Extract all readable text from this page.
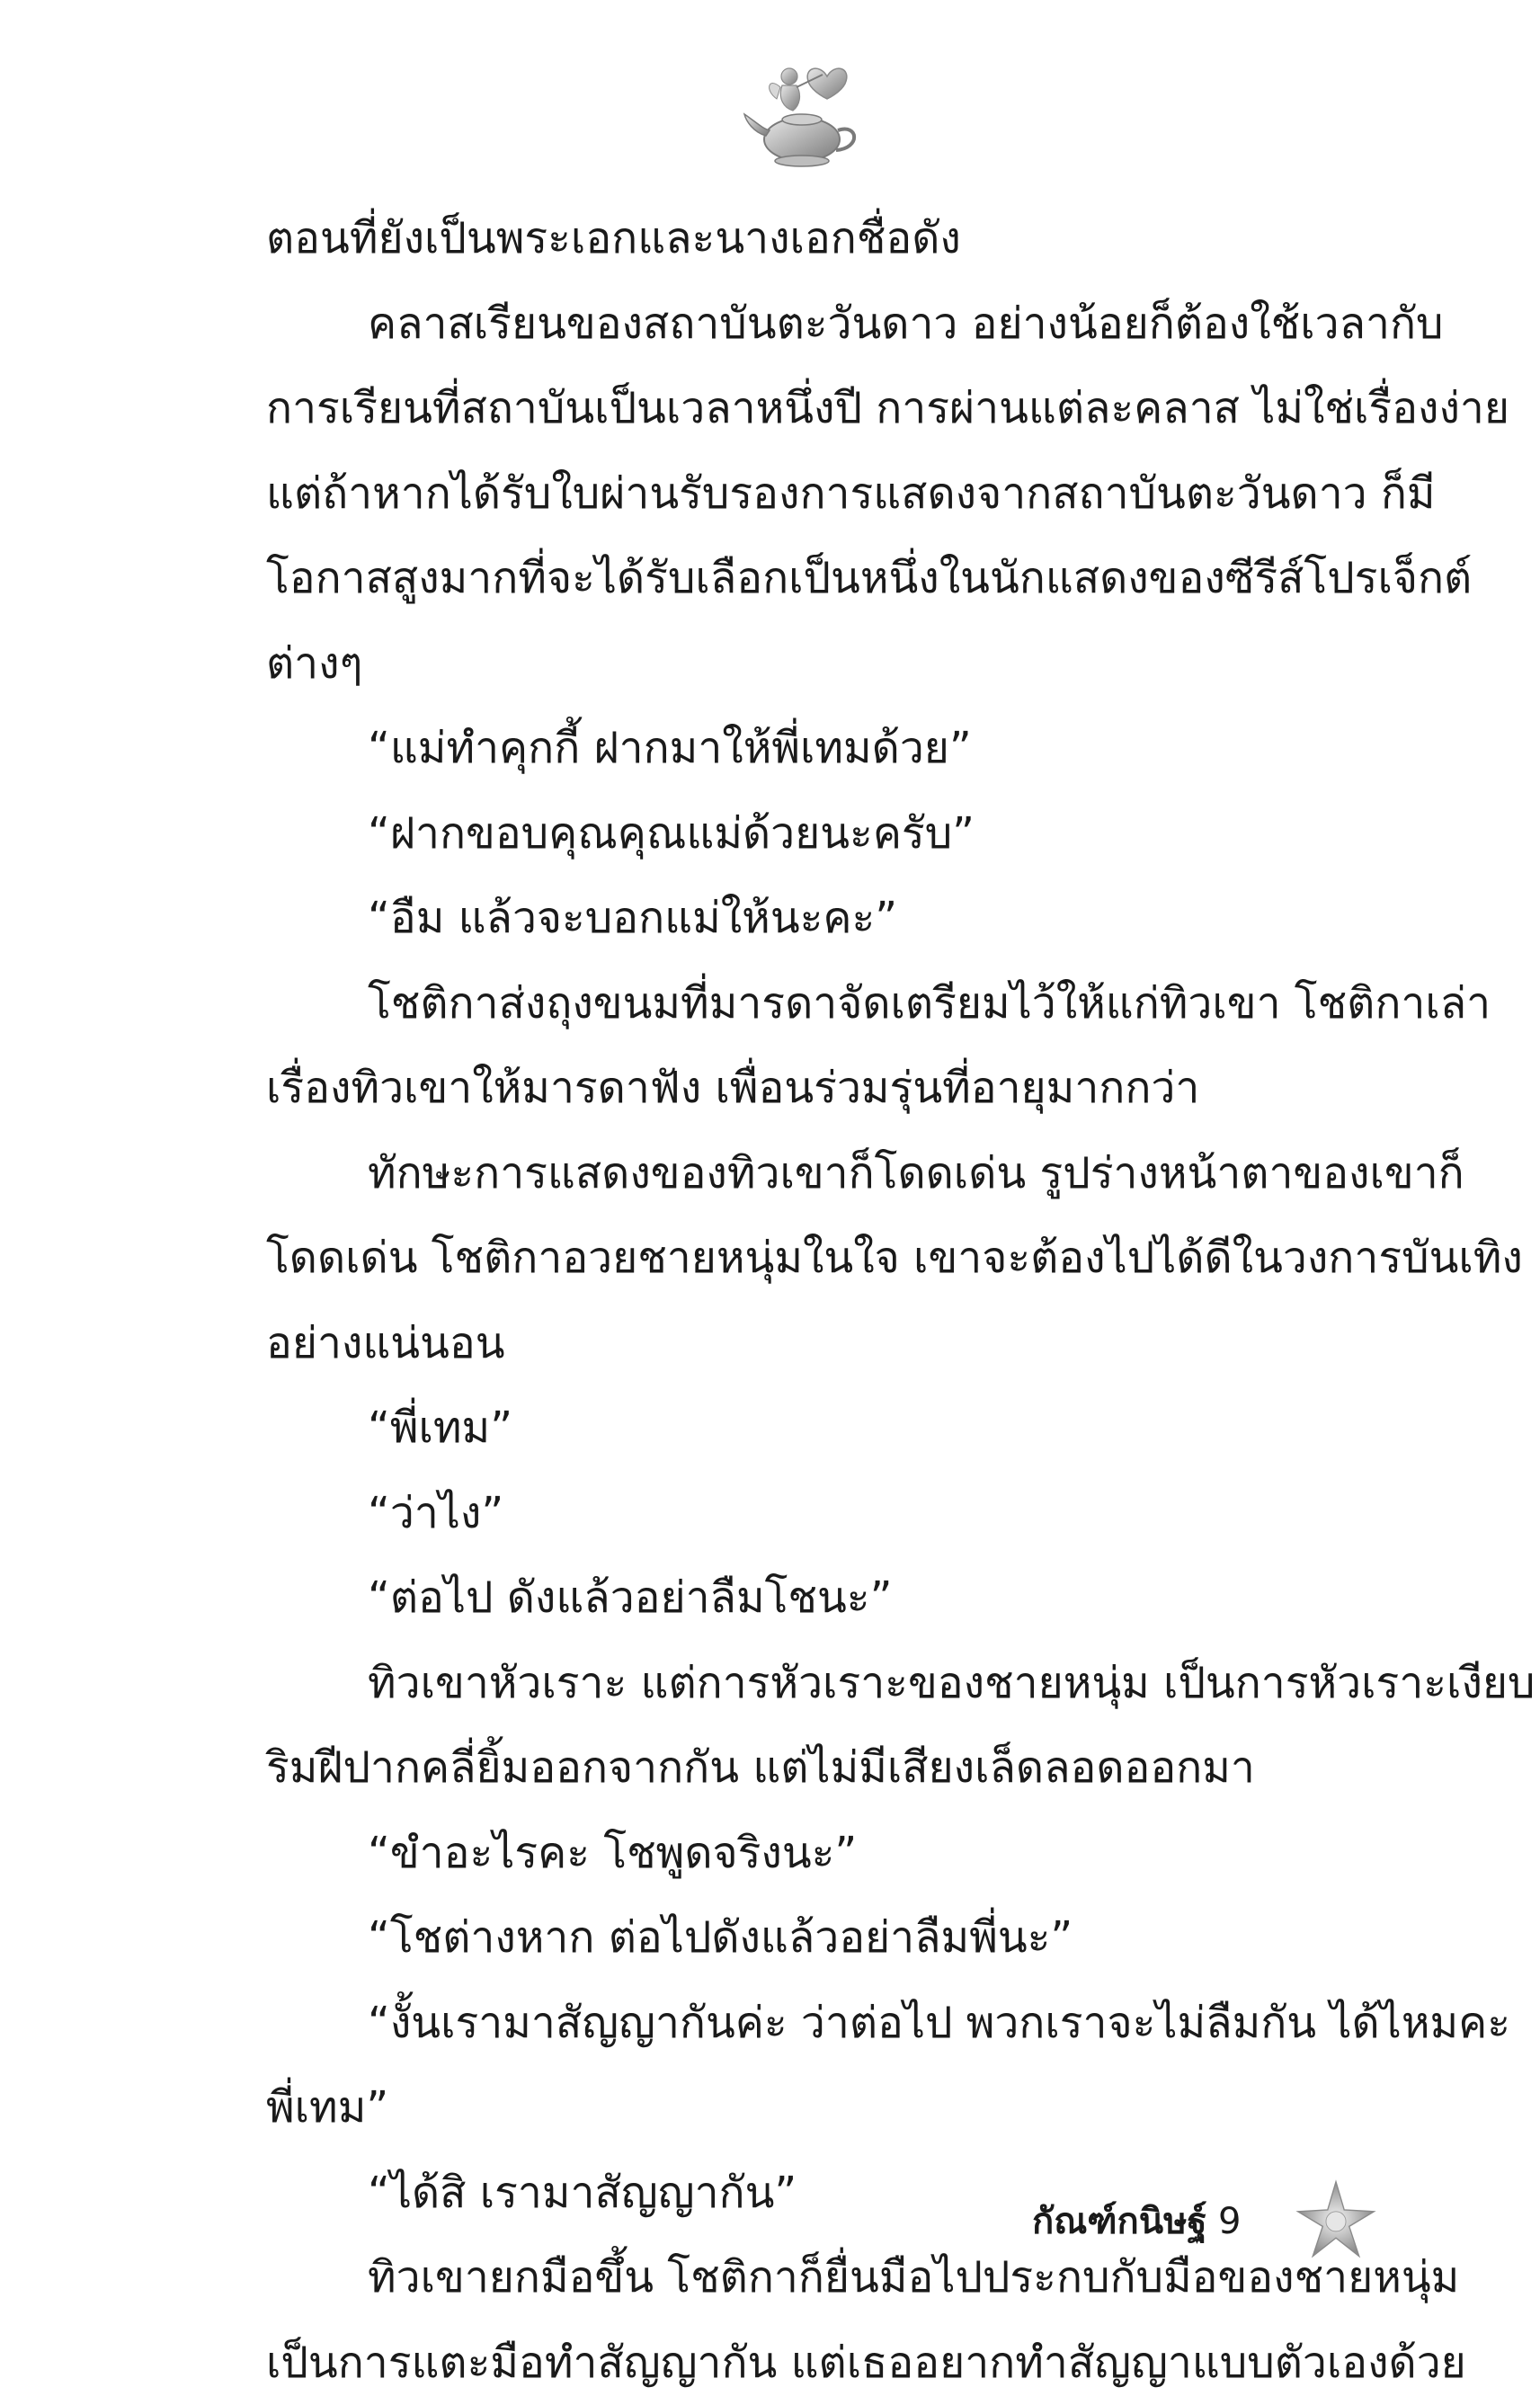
ตอนที่ยังเป็นพระเอกและนางเอกชื่อดัง
คลาสเรียนของสถาบันตะวันดาว อย่างน้อยก็ต้องใช้เวลากับ
การเรียนที่สถาบันเป็นเวลาหนึ่งปี การผ่านแต่ละคลาส ไม่ใช่เรื่องง่าย
แต่ถ้าหากได้รับใบผ่านรับรองการแสดงจากสถาบันตะวันดาว ก็มี
โอกาสสูงมากที่จะได้รับเลือกเป็นหนึ่งในนักแสดงของซีรีส์โปรเจ็กต์
ต่างๆ
“แม่ทำคุกกี้ ฝากมาให้พี่เทมด้วย”
“ฝากขอบคุณคุณแม่ด้วยนะครับ”
“อืม แล้วจะบอกแม่ให้นะคะ”
โชติกาส่งถุงขนมที่มารดาจัดเตรียมไว้ให้แก่ทิวเขา โชติกาเล่า
เรื่องทิวเขาให้มารดาฟัง เพื่อนร่วมรุ่นที่อายุมากกว่า
ทักษะการแสดงของทิวเขาก็โดดเด่น รูปร่างหน้าตาของเขาก็
โดดเด่น โชติกาอวยชายหนุ่มในใจ เขาจะต้องไปได้ดีในวงการบันเทิง
อย่างแน่นอน
“พี่เทม”
“ว่าไง”
“ต่อไป ดังแล้วอย่าลืมโชนะ”
ทิวเขาหัวเราะ แต่การหัวเราะของชายหนุ่ม เป็นการหัวเราะเงียบ
ริมฝีปากคลี่ยิ้มออกจากกัน แต่ไม่มีเสียงเล็ดลอดออกมา
“ขำอะไรคะ โชพูดจริงนะ”
“โชต่างหาก ต่อไปดังแล้วอย่าลืมพี่นะ”
“งั้นเรามาสัญญากันค่ะ ว่าต่อไป พวกเราจะไม่ลืมกัน ได้ไหมคะ
พี่เทม”
“ได้สิ เรามาสัญญากัน”
ทิวเขายกมือขึ้น โชติกาก็ยื่นมือไปประกบกับมือของชายหนุ่ม
เป็นการแตะมือทำสัญญากัน แต่เธออยากทำสัญญาแบบตัวเองด้วย
กัณฑ์กนิษฐ์ 9
